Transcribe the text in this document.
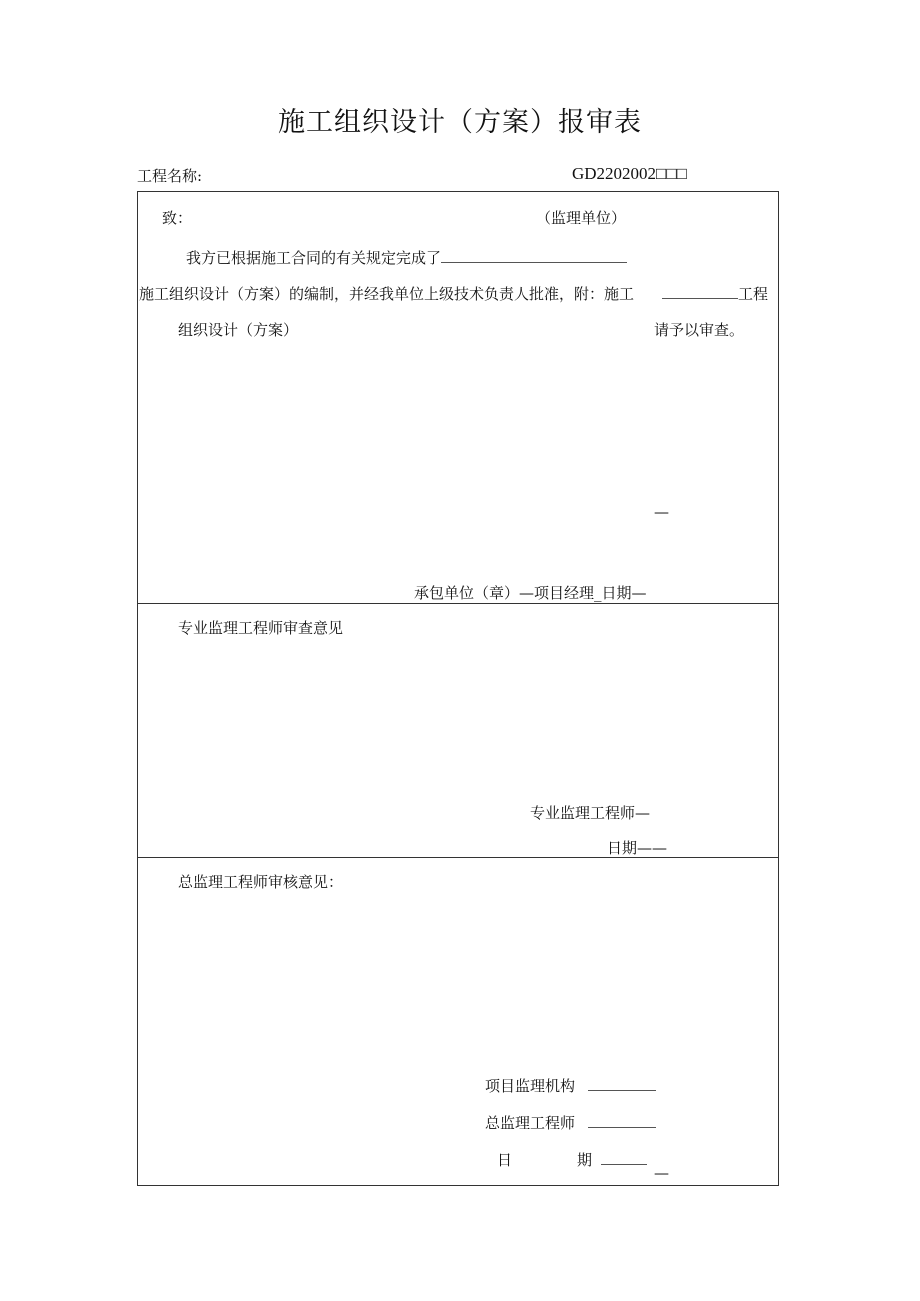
施工组织设计（方案）报审表
工程名称:	GD2202002□□□
致：	（监理单位）
我方已根据施工合同的有关规定完成了
施工组织设计（方案）的编制，并经我单位上级技术负责人批准，附：施工	工程
组织设计（方案）	请予以审查。
—
承包单位（章）—项目经理_日期—
专业监理工程师审查意见
专业监理工程师—
日期——
总监理工程师审核意见：
项目监理机构
总监理工程师
日	期
—
